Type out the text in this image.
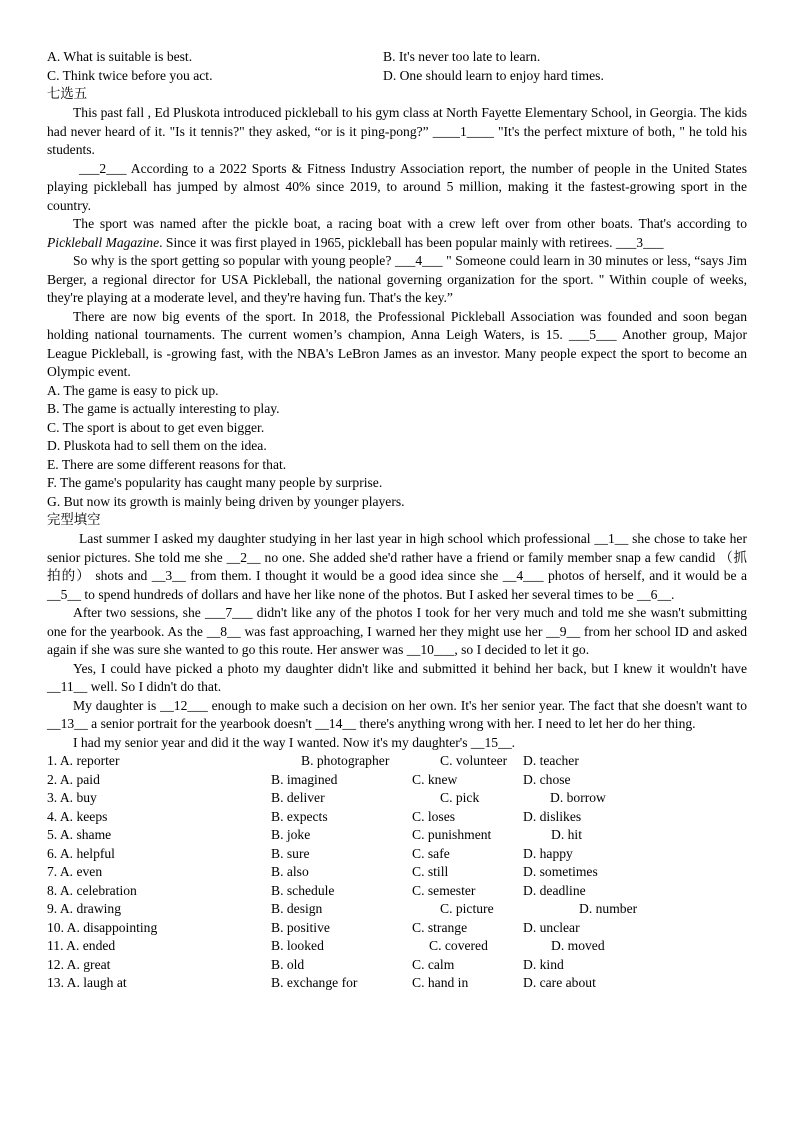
A. What is suitable is best.	B. It's never too late to learn.
C. Think twice before you act.	D. One should learn to enjoy hard times.
七选五

This past fall , Ed Pluskota introduced pickleball to his gym class at North Fayette Elementary School, in Georgia. The kids had never heard of it. "Is it tennis?" they asked, “or is it ping-pong?” ____1____ "It's the perfect mixture of both, " he told his students.

___2___ According to a 2022 Sports & Fitness Industry Association report, the number of people in the United States playing pickleball has jumped by almost 40% since 2019, to around 5 million, making it the fastest-growing sport in the country.

The sport was named after the pickle boat, a racing boat with a crew left over from other boats. That's according to Pickleball Magazine. Since it was first played in 1965, pickleball has been popular mainly with retirees. ___3___

So why is the sport getting so popular with young people? ___4___ " Someone could learn in 30 minutes or less, “says Jim Berger, a regional director for USA Pickleball, the national governing organization for the sport. " Within couple of weeks, they're playing at a moderate level, and they're having fun. That's the key.”

There are now big events of the sport. In 2018, the Professional Pickleball Association was founded and soon began holding national tournaments. The current women’s champion, Anna Leigh Waters, is 15. ___5___ Another group, Major League Pickleball, is -growing fast, with the NBA's LeBron James as an investor. Many people expect the sport to become an Olympic event.

A. The game is easy to pick up.
B. The game is actually interesting to play.
C. The sport is about to get even bigger.
D. Pluskota had to sell them on the idea.
E. There are some different reasons for that.
F. The game's popularity has caught many people by surprise.
G. But now its growth is mainly being driven by younger players.
完型填空

Last summer I asked my daughter studying in her last year in high school which professional __1__ she chose to take her senior pictures. She told me she __2__ no one. She added she'd rather have a friend or family member snap a few candid （抓拍的） shots and __3__ from them. I thought it would be a good idea since she __4___ photos of herself, and it would be a __5__ to spend hundreds of dollars and have her like none of the photos. But I asked her several times to be __6__.

After two sessions, she ___7___ didn't like any of the photos I took for her very much and told me she wasn't submitting one for the yearbook. As the __8__ was fast approaching, I warned her they might use her __9__ from her school ID and asked again if she was sure she wanted to go this route. Her answer was __10___, so I decided to let it go.

Yes, I could have picked a photo my daughter didn't like and submitted it behind her back, but I knew it wouldn't have __11__ well. So I didn't do that.

My daughter is __12___ enough to make such a decision on her own. It's her senior year. The fact that she doesn't want to __13__ a senior portrait for the yearbook doesn't __14__ there's anything wrong with her. I need to let her do her thing.

I had my senior year and did it the way I wanted. Now it's my daughter's __15__.

1. A. reporter	B. photographer	C. volunteer	D. teacher
2. A. paid	B. imagined	C. knew	D. chose
3. A. buy	B. deliver	C. pick	D. borrow
4. A. keeps	B. expects	C. loses	D. dislikes
5. A. shame	B. joke	C. punishment	D. hit
6. A. helpful	B. sure	C. safe	D. happy
7. A. even	B. also	C. still	D. sometimes
8. A. celebration	B. schedule	C. semester	D. deadline
9. A. drawing	B. design	C. picture	D. number
10. A. disappointing	B. positive	C. strange	D. unclear
11. A. ended	B. looked	C. covered	D. moved
12. A. great	B. old	C. calm	D. kind
13. A. laugh at	B. exchange for	C. hand in	D. care about
